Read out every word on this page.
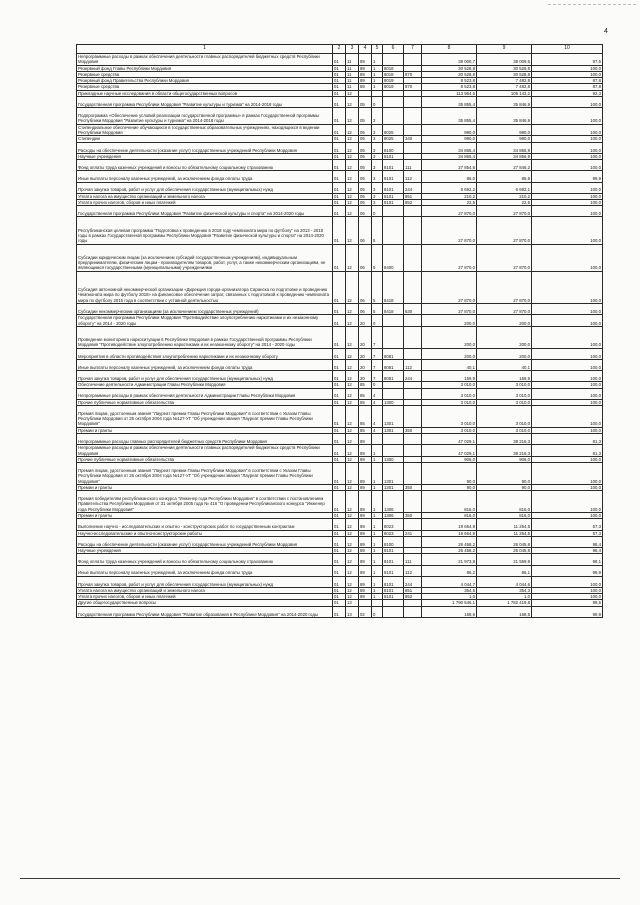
4
1	2	3	4	5	6	7	8	9	10
Непрограммные расходы в рамках обеспечения деятельности главных распорядителей бюджетных средств Республики Мордовия	01	11	89	1			39 000,7	38 009,6	97,5
Резервный фонд Главы Республики Мордовия	01	11	89	1	8018		30 528,8	30 528,8	100,0
Резервные средства	01	11	89	1	8018	870	30 528,8	30 528,8	100,0
Резервный фонд Правительства Республики Мордовия	01	11	89	1	8019		8 523,8	7 482,8	87,8
Резервные средства	01	11	89	1	8019	870	8 523,8	7 482,8	87,8
Прикладные научные исследования в области общегосударственных вопросов	01	12					113 964,5	105 143,2	92,3
Государственная программа Республики Мордовия "Развитие культуры и туризма" на 2014-2018 годы	01	12	05	0			35 855,4	35 846,9	100,0
Подпрограмма «Обеспечение условий реализации государственной программы» в рамках Государственной программы Республики Мордовия "Развитие культуры и туризма" на 2014-2018 годы	01	12	05	3			35 855,4	35 846,9	100,0
Стипендиальное обеспечение обучающихся в государственных образовательных учреждениях, находящихся в ведении Республики Мордовия	01	12	05	3	8025		990,0	990,0	100,0
Стипендии	01	12	05	3	8025	340	990,0	990,0	100,0
Расходы на обеспечение деятельности (оказание услуг) государственных учреждений Республики Мордовия	01	12	05	3	8100		34 865,4	34 856,9	100,0
Научные учреждения	01	12	05	3	8101		34 865,4	34 856,9	100,0
Фонд оплаты труда казенных учреждений и взносы по обязательному социальному страхованию	01	12	05	3	8101	111	27 854,6	27 846,2	100,0
Иные выплаты персоналу казенных учреждений, за исключением фонда оплаты труда	01	12	05	3	8101	112	86,0	85,9	99,9
Прочая закупка товаров, работ и услуг для обеспечения государственных (муниципальных) нужд	01	12	05	3	8101	244	6 692,2	6 692,1	100,0
Уплата налога на имущество организаций и земельного налога	01	12	05	3	8101	851	210,2	210,2	100,0
Уплата прочих налогов, сборов и иных платежей	01	12	05	3	8101	852	22,5	22,5	100,0
Государственная программа Республики Мордовия "Развитие физической культуры и спорта" на 2014-2020 годы	01	12	06	0			27 870,0	27 870,0	100,0
Республиканская целевая программа "Подготовка к проведению в 2018 году чемпионата мира по футболу" на 2013 - 2018 годы в рамках Государственной программы Республики Мордовия "Развитие физической культуры и спорта" на 2014-2020 годы	01	12	06	5			27 870,0	27 870,0	100,0
Субсидии юридическим лицам (за исключением субсидий государственным учреждениям), индивидуальным предпринимателям, физическим лицам - производителям товаров, работ, услуг, а также некоммерческим организациям, не являющимся государственными (муниципальными) учреждениями	01	12	06	5	8400		27 870,0	27 870,0	100,0
Субсидия автономной некоммерческой организации «Дирекция города-организатора Саранска по подготовке и проведению Чемпионата мира по футболу 2018» на финансовое обеспечение затрат, связанных с подготовкой к проведению чемпионата мира по футболу 2015 года в соответствии с уставной деятельностью	01	12	06	5	8418		27 870,0	27 870,0	100,0
Субсидии некоммерческим организациям (за исключением государственных учреждений)	01	12	06	5	8418	630	27 870,0	27 870,0	100,0
Государственная программа Республики Мордовия "Противодействие злоупотреблению наркотиками и их незаконному обороту" на 2014 - 2020 годы	01	12	20	0			200,0	200,0	100,0
Проведение мониторинга наркоситуации в Республике Мордовия в рамках Государственной программы Республики Мордовия "Противодействие злоупотреблению наркотиками и их незаконному обороту" на 2014 - 2020 годы	01	12	20	7			200,0	200,0	100,0
Мероприятия в области противодействия злоупотреблению наркотиками и их незаконному обороту	01	12	20	7	8081		200,0	200,0	100,0
Иные выплаты персоналу казенных учреждений, за исключением фонда оплаты труда	01	12	20	7	8081	112	40,1	40,1	100,0
Прочая закупка товаров, работ и услуг для обеспечения государственных (муниципальных) нужд	01	12	20	7	8081	244	159,9	159,9	100,0
Обеспечение деятельности Администрации Главы Республики Мордовия	01	12	85	0			3 010,0	3 010,0	100,0
Непрограммные расходы в рамках обеспечения деятельности Администрации Главы Республики Мордовия	01	12	85	4			3 010,0	3 010,0	100,0
Прочие публичные нормативные обязательства	01	12	85	4	1300		3 010,0	3 010,0	100,0
Премия лицам, удостоенным звания "Лауреат премии Главы Республики Мордовия" в соответствии с Указом Главы Республики Мордовия от 26 октября 2004 года №127-УГ "Об учреждении звания "Лауреат премии Главы Республики Мордовия"	01	12	85	4	1301		3 010,0	3 010,0	100,0
Премии и гранты	01	12	85	4	1301	350	3 010,0	3 010,0	100,0
Непрограммные расходы главных распорядителей бюджетных средств Республики Мордовия	01	12	89				47 029,1	38 216,3	81,3
Непрограммные расходы в рамках обеспечения деятельности главных распорядителей бюджетных средств Республики Мордовия	01	12	89	1			47 029,1	38 216,3	81,3
Прочие публичные нормативные обязательства	01	12	89	1	1300		906,0	906,0	100,0
Премия лицам, удостоенным звания "Лауреат премии Главы Республики Мордовия" в соответствии с Указом Главы Республики Мордовия от 26 октября 2004 года №127-УГ "Об учреждении звания "Лауреат премии Главы Республики Мордовия"	01	12	89	1	1301		90,0	90,0	100,0
Премии и гранты	01	12	89	1	1301	350	90,0	90,0	100,0
Премия победителям республиканского конкурса "Инженер года Республики Мордовия" в соответствии с постановлением Правительства Республики Мордовия от 31 октября 2005 года № 416 "О проведении Республиканского конкурса "Инженер года Республики Мордовия"	01	12	89	1	1306		816,0	816,0	100,0
Премии и гранты	01	12	89	1	1306	350	816,0	816,0	100,0
Выполнение научно - исследовательских и опытно - конструкторских работ по государственным контрактам	01	12	89	1	8023		19 664,9	11 264,5	57,3
Научно-исследовательские и опытно-конструкторские работы	01	12	89	1	8023	241	19 664,9	11 264,5	57,3
Расходы на обеспечение деятельности (оказание услуг) государственных учреждений Республики Мордовия	01	12	89	1	8100		26 458,2	26 045,8	98,4
Научные учреждения	01	12	89	1	8101		26 458,2	26 045,8	98,4
Фонд оплаты труда казенных учреждений и взносы по обязательному социальному страхованию	01	12	89	1	8101	111	21 973,8	21 559,9	98,1
Иные выплаты персоналу казенных учреждений, за исключением фонда оплаты труда	01	12	89	1	8101	112	86,2	86,1	99,9
Прочая закупка товаров, работ и услуг для обеспечения государственных (муниципальных) нужд	01	12	89	1	8101	244	4 044,7	4 044,6	100,0
Уплата налога на имущество организаций и земельного налога	01	12	89	1	8101	851	354,5	354,3	100,0
Уплата прочих налогов, сборов и иных платежей	01	12	89	1	8101	852	1,0	1,0	100,0
Другие общегосударственные вопросы	01	13					1 790 546,1	1 782 419,8	99,5
Государственная программа Республики Мордовия "Развитие образования в Республике Мордовия" на 2014-2020 годы	01	13	02	0			168,6	168,5	99,9
